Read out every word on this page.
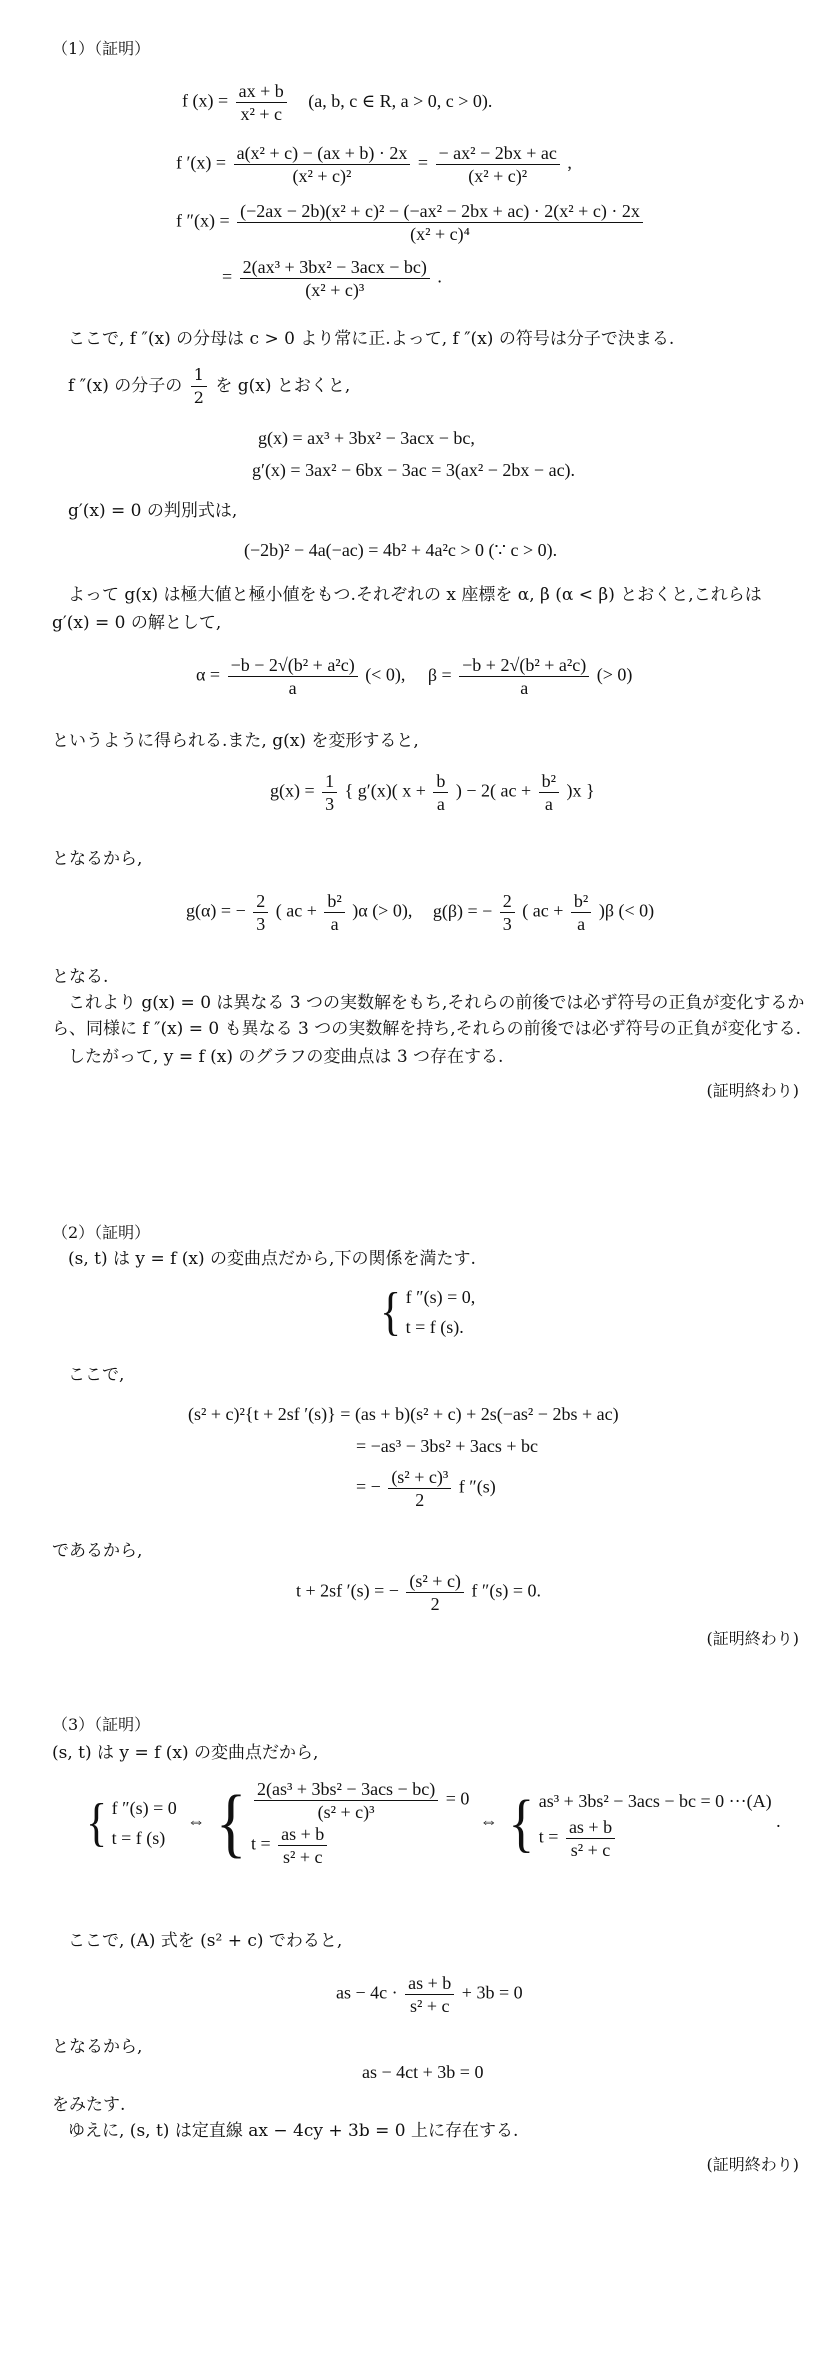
（1）（証明）
f $(x) = \frac{ax + b}{\text{x² + c}} (a$, b, c ∈ R, a > 0, c > 0).
f $'(x) = \frac{\text{a(x² + c) − (ax + b) · 2x}}{\text{(x² + c)²}} = \frac{\text{− ax² − 2bx + ac}}{\text{(x² + c)²}}$ ,
f $''(x) = \frac{\text{(−2ax − 2b)(x² + c)² − (−ax² − 2bx + ac) · 2(x² + c) · 2x}}{\text{(x² + c)⁴}}$
= $\frac{\text{2(ax³ + 3bx² − 3acx − bc)}}{\text{(x² + c)³}}$ .
ここで, f ″(x) の分母は c > 0 より常に正.よって, f ″(x) の符号は分子で決まる.
f ″(x) の分子の $\frac{1}{2}$ を g(x) とおくと,
g(x) = ax³ + 3bx² − 3acx − bc,
g′(x) = 3ax² − 6bx − 3ac = 3(ax² − 2bx − ac).
g′(x) = 0 の判別式は,
(−2b)² − 4a(−ac) = 4b² + 4a²c > 0 (∵ c > 0).
よって g(x) は極大値と極小値をもつ.それぞれの x 座標を α, β (α < β) とおくと,これらは
g′(x) = 0 の解として,
$\alpha = \frac{\text{−b − 2√(b² + a²c)}}{a}$ (< 0), $\beta = \frac{\text{−b + 2√(b² + a²c)}}{a}$ (> 0)
というように得られる.また, g(x) を変形すると,
$g(x) = \frac{1}{3}$ { g′(x)( $x + \frac{b}{a}$ ) − 2( ac + $\frac{\text{b²}}{a} )x$ }
となるから,
g(α) = − $\frac{2}{3}$ ( ac + $\frac{\text{b²}}{a} )\alpha$ (> 0), g(β) = − $\frac{2}{3}$ ( ac + $\frac{\text{b²}}{a} )\beta$ (< 0)
となる.
これより g(x) = 0 は異なる 3 つの実数解をもち,それらの前後では必ず符号の正負が変化するか
ら、同様に f ″(x) = 0 も異なる 3 つの実数解を持ち,それらの前後では必ず符号の正負が変化する.
したがって, y = f (x) のグラフの変曲点は 3 つ存在する.
(証明終わり)
（2）（証明）
(s, t) は y = f (x) の変曲点だから,下の関係を満たす.
{ f ″(s) = 0,
t = f (s).
ここで,
(s² + c)²{t + 2sf ′(s)} = (as + b)(s² + c) + 2s(−as² − 2bs + ac)
= −as³ − 3bs² + 3acs + bc
= − $\frac{\text{(s² + c)³}}{2}$ f ″(s)
であるから,
t + 2sf ′(s) = − $\frac{\text{(s² + c)}}{2}$ f ″(s) = 0.
(証明終わり)
（3）（証明）
(s, t) は y = f (x) の変曲点だから,
{ f ″(s) = 0
t = f (s)
⇔ { $\frac{\text{2(as³ + 3bs² − 3acs − bc)}}{\text{(s² + c)³}} = 0$
$t = \frac{as + b}{\text{s² + c}}$
⇔ { as³ + 3bs² − 3acs − bc = 0 ···(A)
$t = \frac{as + b}{\text{s² + c}}$	.
ここで, (A) 式を (s² + c) でわると,
as − $4c \cdot \frac{as + b}{\text{s² + c}} + 3b = 0$
となるから,
as − 4ct + 3b = 0
をみたす.
ゆえに, (s, t) は定直線 ax − 4cy + 3b = 0 上に存在する.
(証明終わり)
